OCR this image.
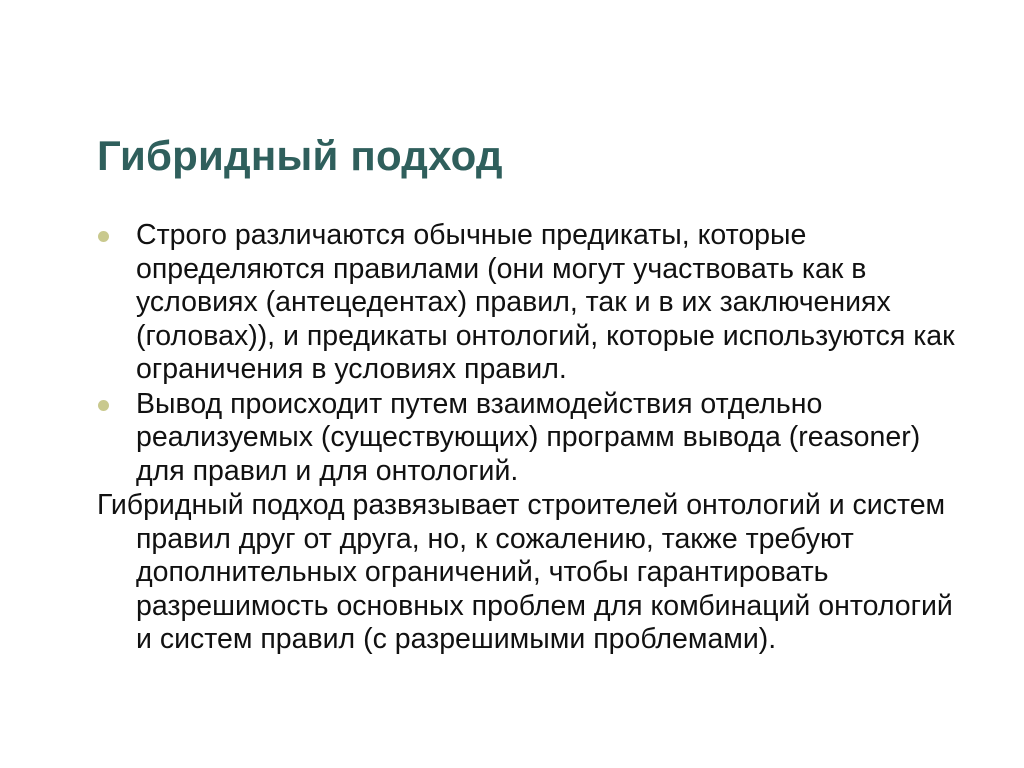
Гибридный подход
Строго различаются обычные предикаты, которые определяются правилами (они могут участвовать как в условиях (антецедентах) правил, так и в их заключениях (головах)), и предикаты онтологий, которые используются как ограничения в условиях правил.
Вывод происходит путем взаимодействия отдельно реализуемых (существующих) программ вывода (reasoner) для правил и для онтологий.

Гибридный подход развязывает строителей онтологий и систем правил друг от друга, но, к сожалению, также требуют дополнительных ограничений, чтобы гарантировать разрешимость основных проблем для комбинаций онтологий и систем правил (с разрешимыми проблемами).
